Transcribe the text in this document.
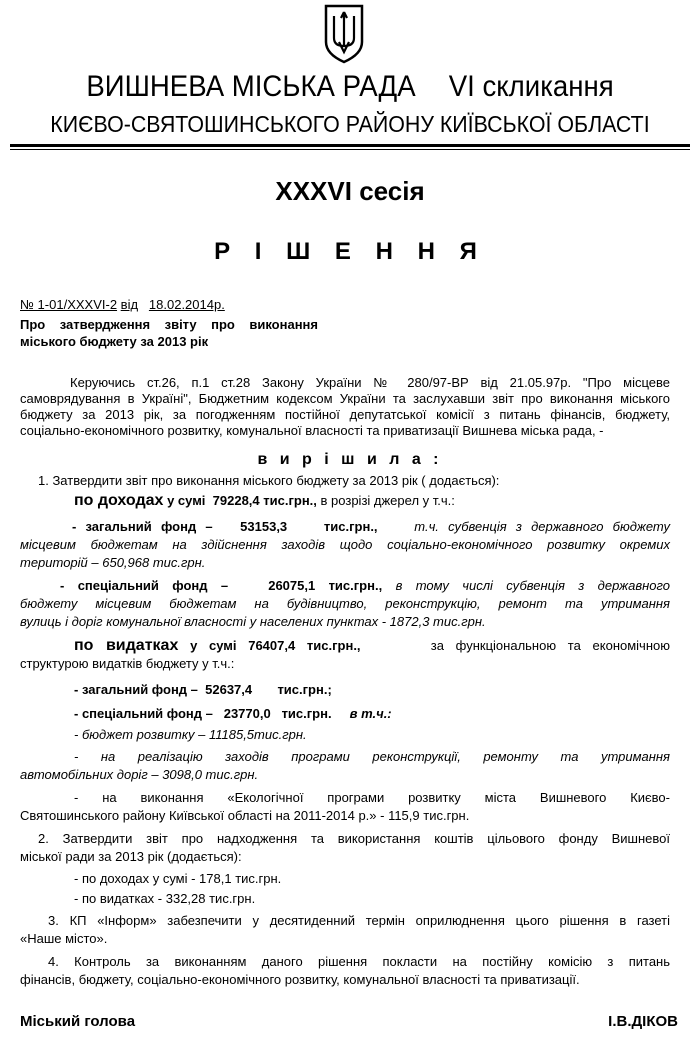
ВИШНЕВА МІСЬКА РАДА VI скликання
КИЄВО-СВЯТОШИНСЬКОГО РАЙОНУ КИЇВСЬКОЇ ОБЛАСТІ
XXXVI сесія
Р І Ш Е Н Н Я
№ 1-01/XXXVI-2 від 18.02.2014р.
Про затвердження звіту про виконання
міського бюджету за 2013 рік
Керуючись ст.26, п.1 ст.28 Закону України № 280/97-ВР від 21.05.97р. "Про місцеве
самоврядування в Україні", Бюджетним кодексом України та заслухавши звіт про виконання міського
бюджету за 2013 рік, за погодженням постійної депутатської комісії з питань фінансів, бюджету,
соціально-економічного розвитку, комунальної власності та приватизації Вишнева міська рада, -
в и р і ш и л а :
1. Затвердити звіт про виконання міського бюджету за 2013 рік ( додається):
по доходах у сумі 79228,4 тис.грн., в розрізі джерел у т.ч.:
- загальний фонд – 53153,3	тис.грн.,	т.ч. субвенція з державного бюджету
місцевим бюджетам на здійснення заходів щодо соціально-економічного розвитку окремих
територій – 650,968 тис.грн.
- спеціальний фонд –	26075,1 тис.грн., в тому числі субвенція з державного
бюджету місцевим бюджетам на будівництво, реконструкцію, ремонт та утримання
вулиць і доріг комунальної власності у населених пунктах - 1872,3 тис.грн.
по видатках у сумі 76407,4 тис.грн.,	за функціональною та економічною
структурою видатків бюджету у т.ч.:
- загальний фонд – 52637,4 тис.грн.;
- спеціальний фонд – 23770,0 тис.грн. в т.ч.:
- бюджет розвитку – 11185,5тис.грн.
- на реалізацію заходів програми реконструкції, ремонту та утримання
автомобільних доріг – 3098,0 тис.грн.
- на виконання «Екологічної програми розвитку міста Вишневого Києво-
Святошинського району Київської області на 2011-2014 р.» - 115,9 тис.грн.
2. Затвердити звіт про надходження та використання коштів цільового фонду Вишневої
міської ради за 2013 рік (додається):
- по доходах у сумі - 178,1 тис.грн.
- по видатках - 332,28 тис.грн.
3. КП «Інформ» забезпечити у десятиденний термін оприлюднення цього рішення в газеті
«Наше місто».
4. Контроль за виконанням даного рішення покласти на постійну комісію з питань
фінансів, бюджету, соціально-економічного розвитку, комунальної власності та приватизації.
Міський голова	І.В.ДІКОВ
